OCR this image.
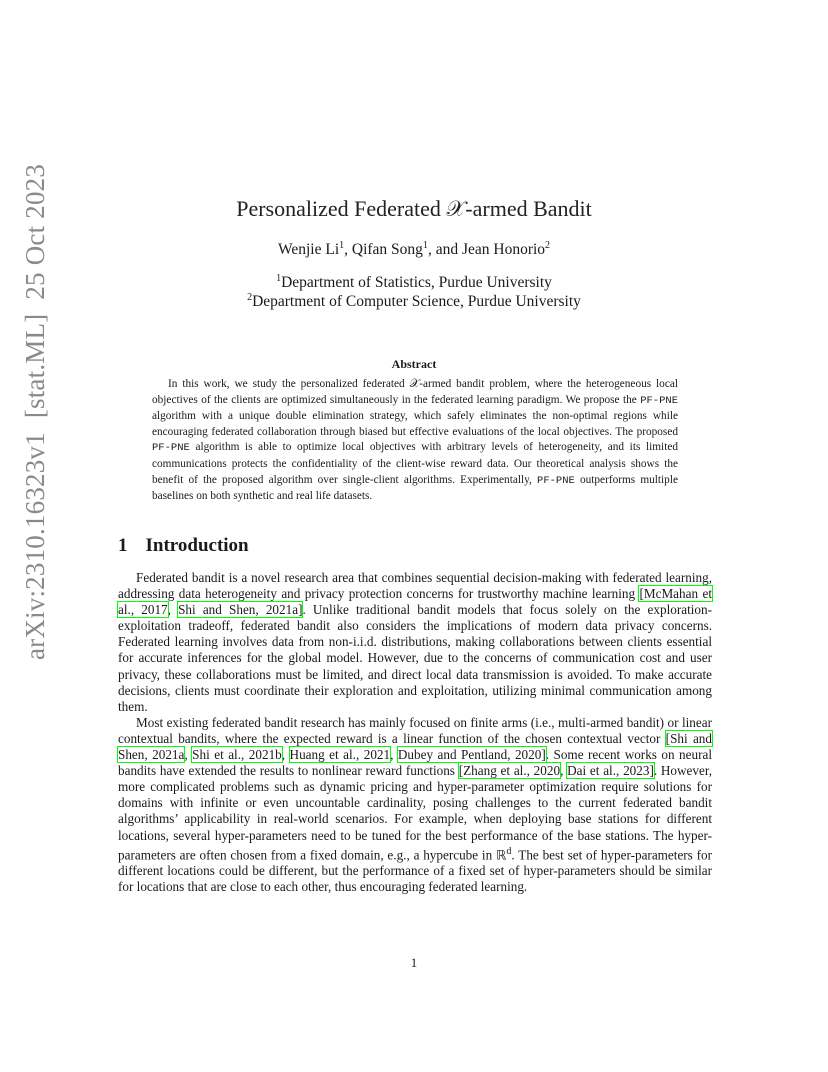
arXiv:2310.16323v1[stat.ML]25 Oct 2023	Personalized Federated 𝒳-armed Bandit
Wenjie Li$^1$, Qifan Song$^1$, and Jean Honorio$^2$
$^1$Department of Statistics, Purdue University
$^2$Department of Computer Science, Purdue University
Abstract
In this work, we study the personalized federated 𝒳-armed bandit problem, where the heterogeneous local objectives of the clients are optimized simultaneously in the federated learning paradigm. We propose the PF-PNE algorithm with a unique double elimination strategy, which safely eliminates the non-optimal regions while encouraging federated collaboration through biased but effective evaluations of the local objectives. The proposed PF-PNE algorithm is able to optimize local objectives with arbitrary levels of heterogeneity, and its limited communications protects the confidentiality of the client-wise reward data. Our theoretical analysis shows the benefit of the proposed algorithm over single-client algorithms. Experimentally, PF-PNE outperforms multiple baselines on both synthetic and real life datasets.
1 Introduction

Federated bandit is a novel research area that combines sequential decision-making with federated learning, addressing data heterogeneity and privacy protection concerns for trustworthy machine learning [McMahan et al., 2017, Shi and Shen, 2021a]. Unlike traditional bandit models that focus solely on the exploration-exploitation tradeoff, federated bandit also considers the implications of modern data privacy concerns. Federated learning involves data from non-i.i.d. distributions, making collaborations between clients essential for accurate inferences for the global model. However, due to the concerns of communication cost and user privacy, these collaborations must be limited, and direct local data transmission is avoided. To make accurate decisions, clients must coordinate their exploration and exploitation, utilizing minimal communication among them.

Most existing federated bandit research has mainly focused on finite arms (i.e., multi-armed bandit) or linear contextual bandits, where the expected reward is a linear function of the chosen contextual vector [Shi and Shen, 2021a, Shi et al., 2021b, Huang et al., 2021, Dubey and Pentland, 2020]. Some recent works on neural bandits have extended the results to nonlinear reward functions [Zhang et al., 2020, Dai et al., 2023]. However, more complicated problems such as dynamic pricing and hyper-parameter optimization require solutions for domains with infinite or even uncountable cardinality, posing challenges to the current federated bandit algorithms’ applicability in real-world scenarios. For example, when deploying base stations for different locations, several hyper-parameters need to be tuned for the best performance of the base stations. The hyper-parameters are often chosen from a fixed domain, e.g., a hypercube in ℝ$^d$. The best set of hyper-parameters for different locations could be different, but the performance of a fixed set of hyper-parameters should be similar for locations that are close to each other, thus encouraging federated learning.

1
